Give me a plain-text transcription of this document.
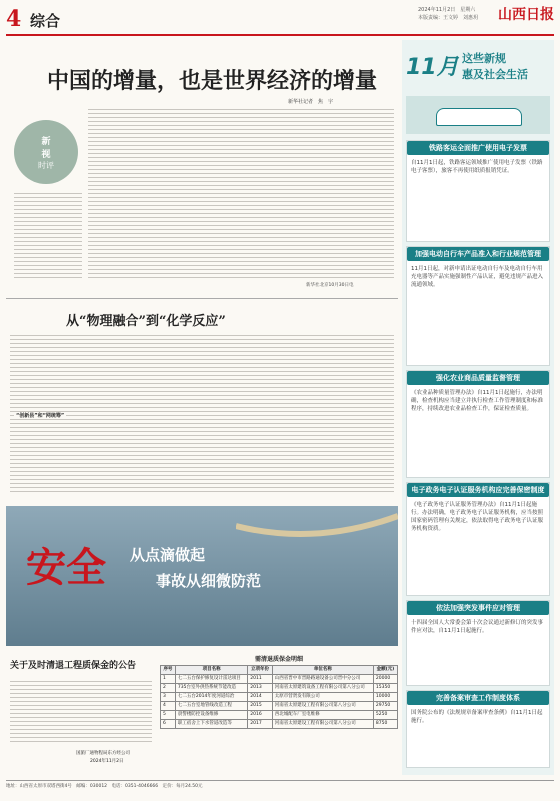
4 综合
2024年11月2日　 星期六
本版责编：王文婷　 刘惠玥 山西日报
中国的增量，也是世界经济的增量
新华社记者　焦　宇
新
视
时评
新华社北京10月30日电
从“物理融合”到“化学反应”
“创新县”和“网统筹”
安全 从点滴做起
事故从细微防范
关于及时清退工程质保金的公告
国旅厂通物程局东方经公司
2024年11月2日
需清退质保金明细
序号	项目名称	立项年份	单位名称	金额(元)
1	七二五台保护修复设计雷达项目	2011	山西省晋中市晋路路通设备公司晋中分公司	20000
2	735台室外供热系统节能改造	2013	河南省太原建筑设备工程有限公司第八分公司	15350
3	七二五台2014年度河道综治	2014	太原市营贤发有限公司	10000
4	七二五台室地管线改造工程	2015	河南省太原建设工程有限公司第八分公司	29750
5	晨警楼防控设备维修	2016	西北城配车厂室电维修	5250
6	职工宿舍上下水管道改造等	2017	河南省太原建设工程有限公司第八分公司	8750
11月 这些新规
惠及社会生活
铁路客运全面推广使用电子发票
自11月1日起，铁路客运领域推广使用电子发票（铁路电子客票），旅客不再使用纸质报销凭证。
加强电动自行车产品准入和行业规范管理
11月1日起，对新申请出证电动自行车及电动自行车用充电器等产品实施强制性产品认证，避免违规产品进入流通领域。
强化农业商品质量监督管理
《农业品种质量管理办法》自11月1日起施行，办法明确，检查机构应当建立并执行检查工作管理制度和标准程序，持续改进农业品检查工作，保证检查质量。
电子政务电子认证服务机构应完善保密制度
《电子政务电子认证服务管理办法》自11月1日起施行。办法明确，电子政务电子认证服务机构，应当按照国家密码管理有关规定，依法取得电子政务电子认证服务机构资质。
依法加强突发事件应对管理
十四届全国人大常委会第十次会议通过新修订的突发事件应对法，自11月1日起施行。
完善备案审查工作制度体系
国务院公布的《法规规章备案审查条例》自11月1日起施行。
地址：山西省太原市双塔西街4号　邮编：030012　电话：0351-4046666　定价：每月24.50元
